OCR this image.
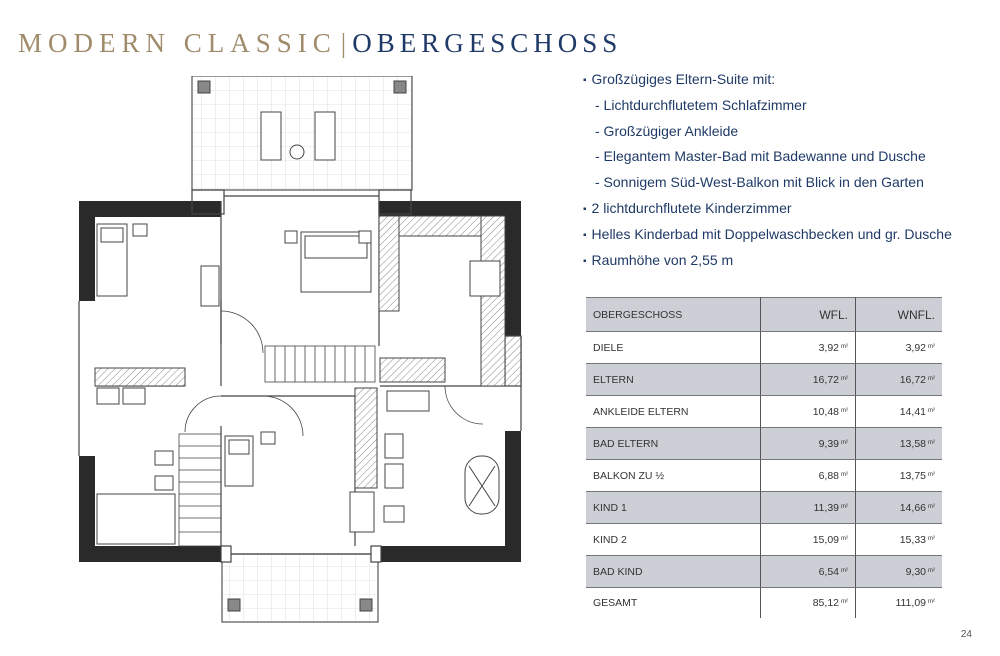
MODERN CLASSIC | OBERGESCHOSS
▪ Großzügiges Eltern-Suite mit:
- Lichtdurchflutetem Schlafzimmer
- Großzügiger Ankleide
- Elegantem Master-Bad mit Badewanne und Dusche
- Sonnigem Süd-West-Balkon mit Blick in den Garten
▪ 2 lichtdurchflutete Kinderzimmer
▪ Helles Kinderbad mit Doppelwaschbecken und gr. Dusche
▪ Raumhöhe von 2,55 m
OBERGESCHOSS	WFL.	WNFL.
DIELE	3,92 $^{m^2}$	3,92 $^{m^2}$
ELTERN	16,72 $^{m^2}$	16,72 $^{m^2}$
ANKLEIDE ELTERN	10,48 $^{m^2}$	14,41 $^{m^2}$
BAD ELTERN	9,39 $^{m^2}$	13,58 $^{m^2}$
BALKON ZU ½	6,88 $^{m^2}$	13,75 $^{m^2}$
KIND 1	11,39 $^{m^2}$	14,66 $^{m^2}$
KIND 2	15,09 $^{m^2}$	15,33 $^{m^2}$
BAD KIND	6,54 $^{m^2}$	9,30 $^{m^2}$
GESAMT	85,12 $^{m^2}$	111,09 $^{m^2}$
24
